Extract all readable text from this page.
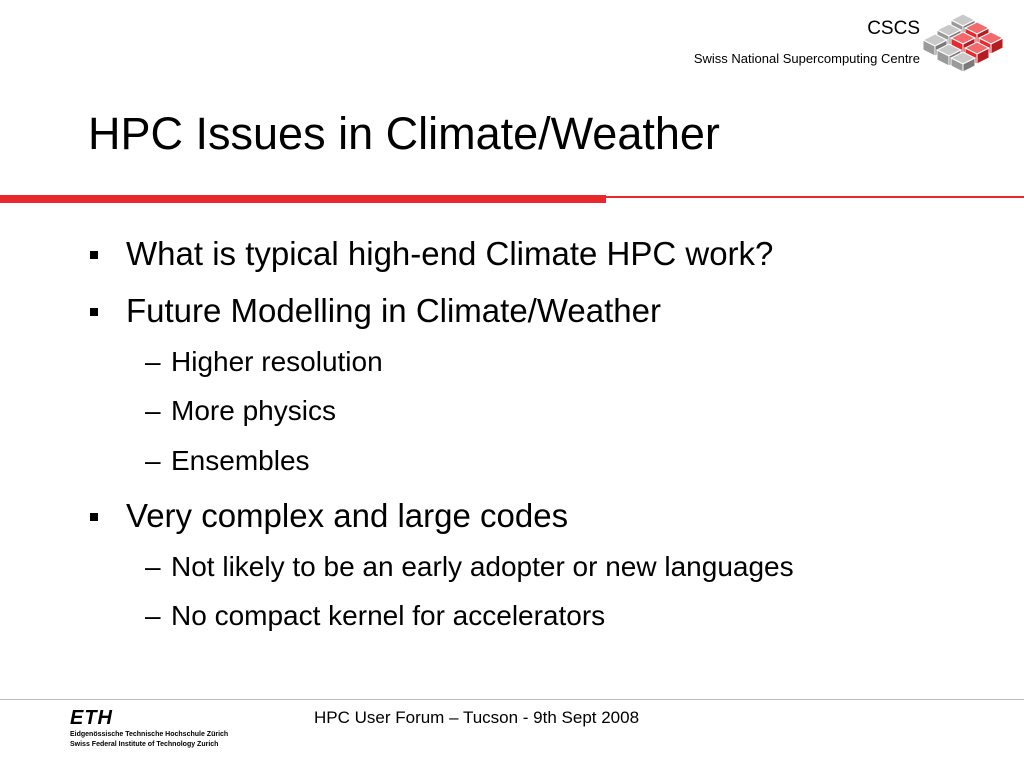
CSCS
Swiss National Supercomputing Centre
HPC Issues in Climate/Weather
What is typical high-end Climate HPC work?
Future Modelling in Climate/Weather
– Higher resolution
– More physics
– Ensembles
Very complex and large codes
– Not likely to be an early adopter or new languages
– No compact kernel for accelerators
ETH
Eidgenössische Technische Hochschule Zürich
Swiss Federal Institute of Technology Zurich
HPC User Forum – Tucson - 9th Sept 2008
